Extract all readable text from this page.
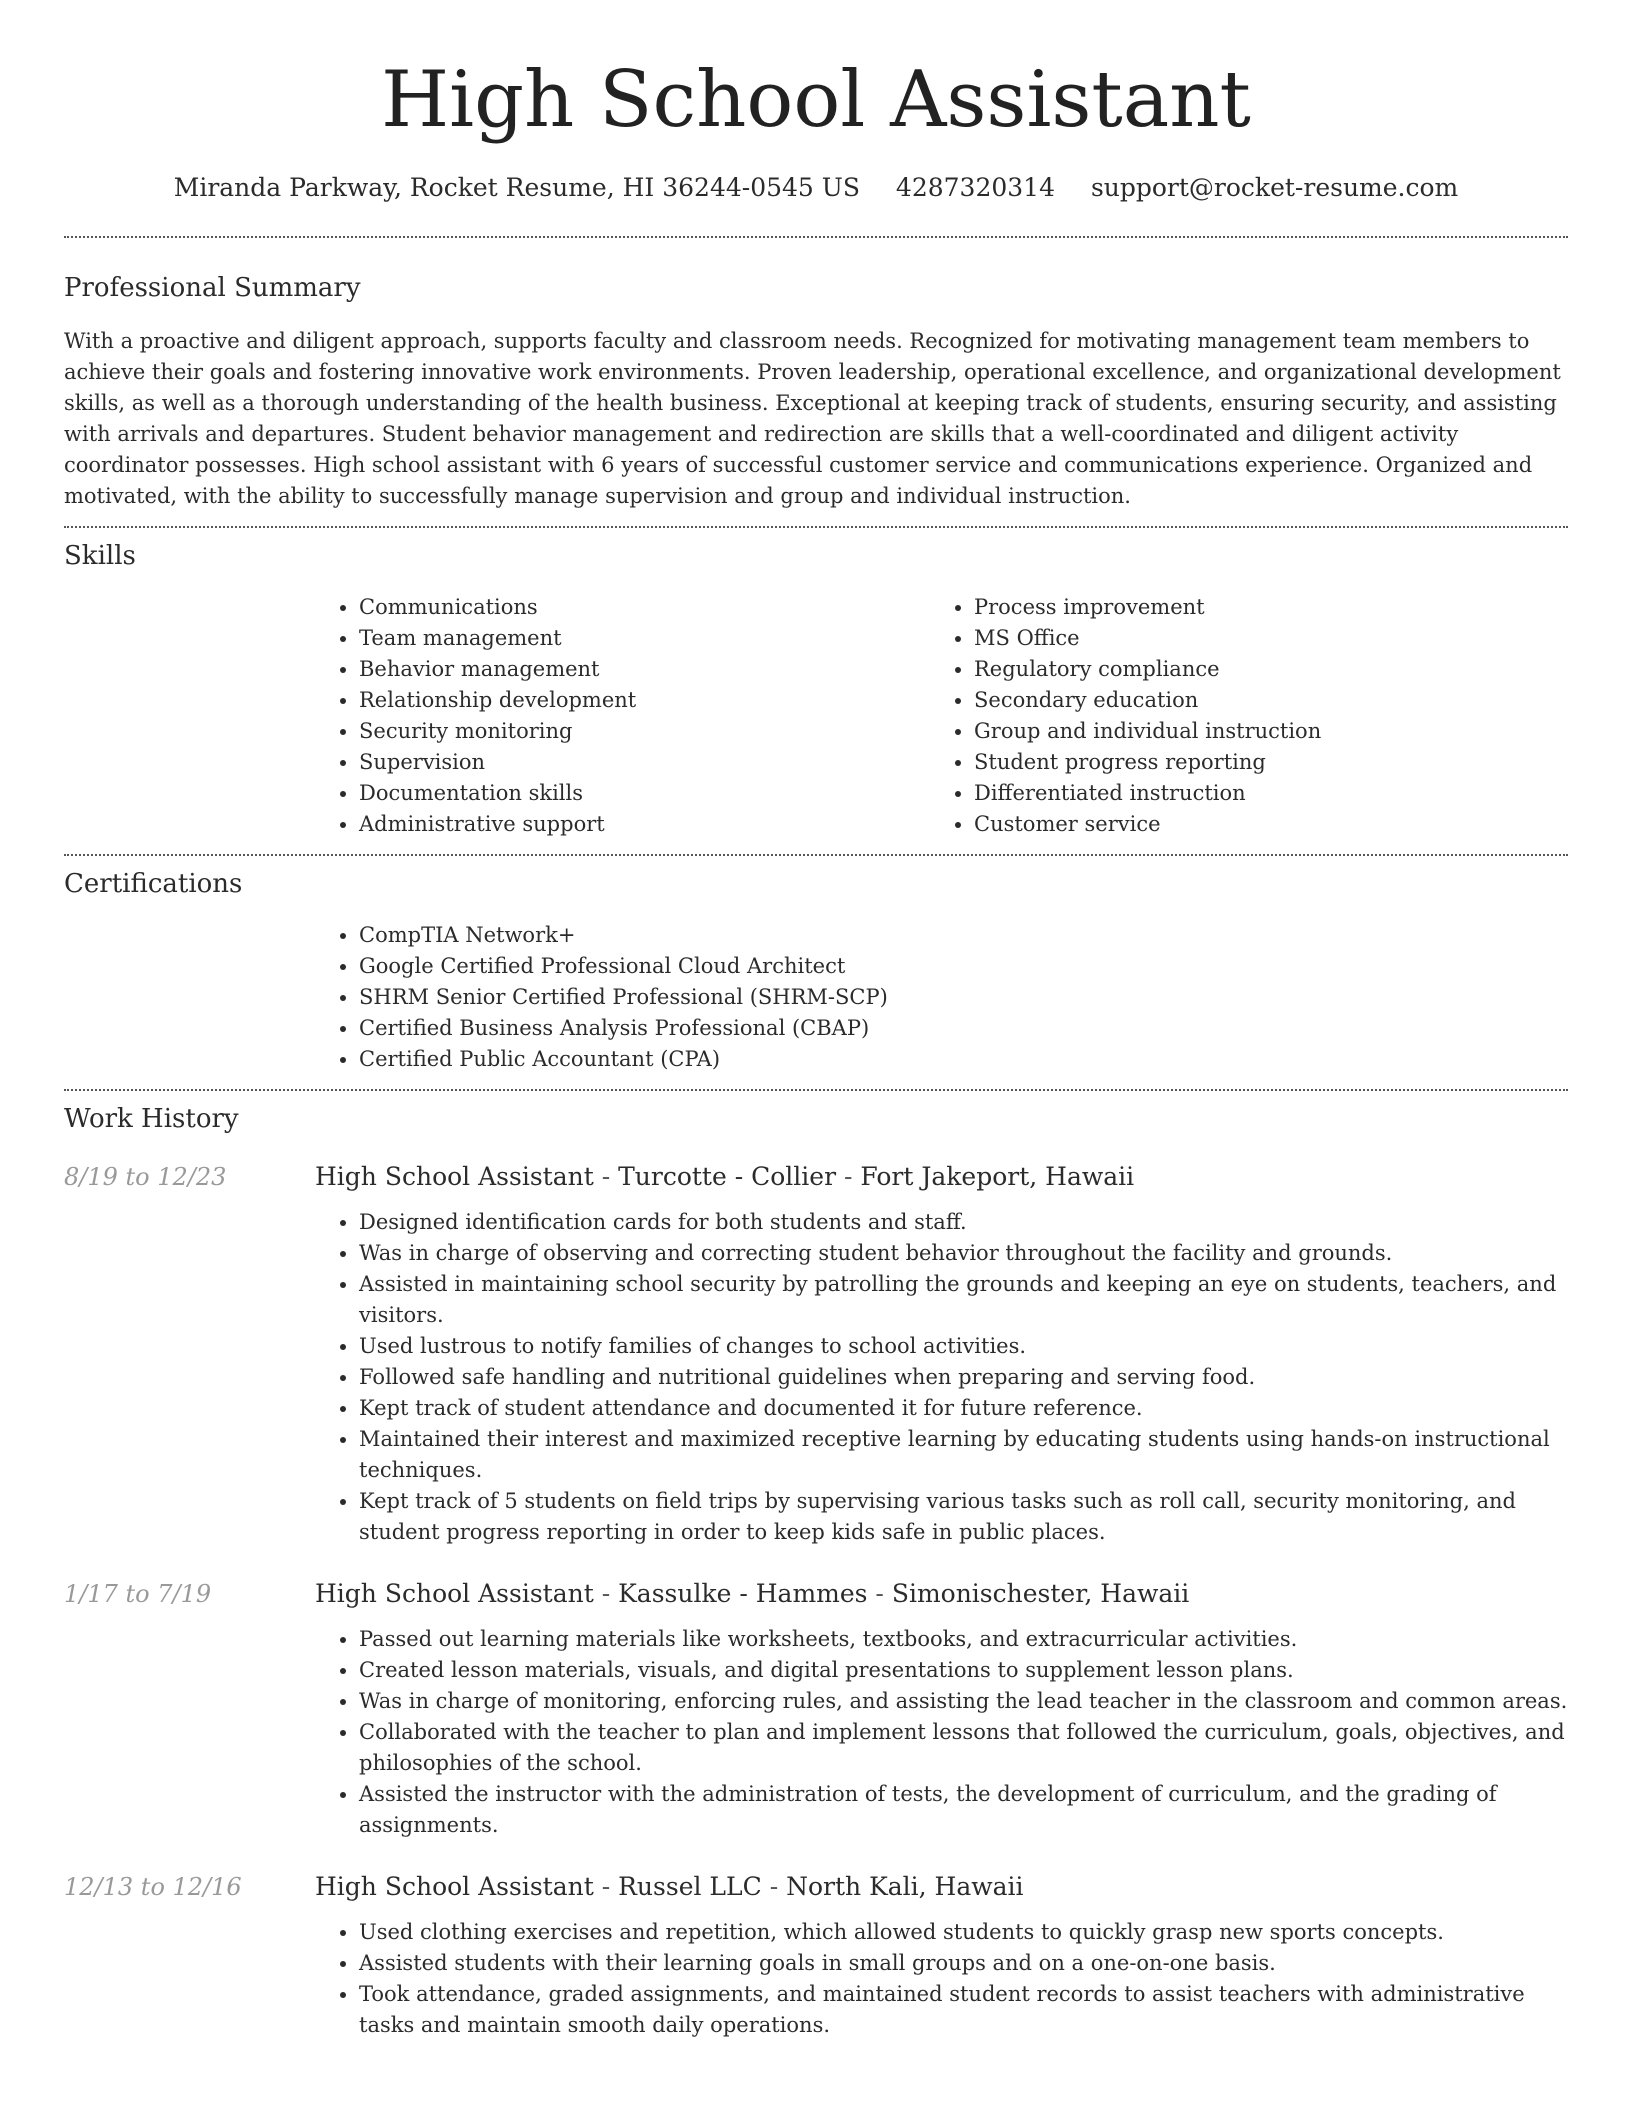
High School Assistant
Miranda Parkway, Rocket Resume, HI 36244-0545 US 4287320314 support@rocket-resume.com
Professional Summary

With a proactive and diligent approach, supports faculty and classroom needs. Recognized for motivating management team members to achieve their goals and fostering innovative work environments. Proven leadership, operational excellence, and organizational development skills, as well as a thorough understanding of the health business. Exceptional at keeping track of students, ensuring security, and assisting with arrivals and departures. Student behavior management and redirection are skills that a well-coordinated and diligent activity coordinator possesses. High school assistant with 6 years of successful customer service and communications experience. Organized and motivated, with the ability to successfully manage supervision and group and individual instruction.

Skills
• Communications
• Team management
• Behavior management
• Relationship development
• Security monitoring
• Supervision
• Documentation skills
• Administrative support
• Process improvement
• MS Office
• Regulatory compliance
• Secondary education
• Group and individual instruction
• Student progress reporting
• Differentiated instruction
• Customer service
Certifications
• CompTIA Network+
• Google Certified Professional Cloud Architect
• SHRM Senior Certified Professional (SHRM-SCP)
• Certified Business Analysis Professional (CBAP)
• Certified Public Accountant (CPA)
Work History
8/19 to 12/23	High School Assistant - Turcotte - Collier - Fort Jakeport, Hawaii
• Designed identification cards for both students and staff.
• Was in charge of observing and correcting student behavior throughout the facility and grounds.
• Assisted in maintaining school security by patrolling the grounds and keeping an eye on students, teachers, and visitors.
• Used lustrous to notify families of changes to school activities.
• Followed safe handling and nutritional guidelines when preparing and serving food.
• Kept track of student attendance and documented it for future reference.
• Maintained their interest and maximized receptive learning by educating students using hands-on instructional techniques.
• Kept track of 5 students on field trips by supervising various tasks such as roll call, security monitoring, and student progress reporting in order to keep kids safe in public places.
1/17 to 7/19	High School Assistant - Kassulke - Hammes - Simonischester, Hawaii
• Passed out learning materials like worksheets, textbooks, and extracurricular activities.
• Created lesson materials, visuals, and digital presentations to supplement lesson plans.
• Was in charge of monitoring, enforcing rules, and assisting the lead teacher in the classroom and common areas.
• Collaborated with the teacher to plan and implement lessons that followed the curriculum, goals, objectives, and philosophies of the school.
• Assisted the instructor with the administration of tests, the development of curriculum, and the grading of assignments.
12/13 to 12/16	High School Assistant - Russel LLC - North Kali, Hawaii
• Used clothing exercises and repetition, which allowed students to quickly grasp new sports concepts.
• Assisted students with their learning goals in small groups and on a one-on-one basis.
• Took attendance, graded assignments, and maintained student records to assist teachers with administrative tasks and maintain smooth daily operations.
